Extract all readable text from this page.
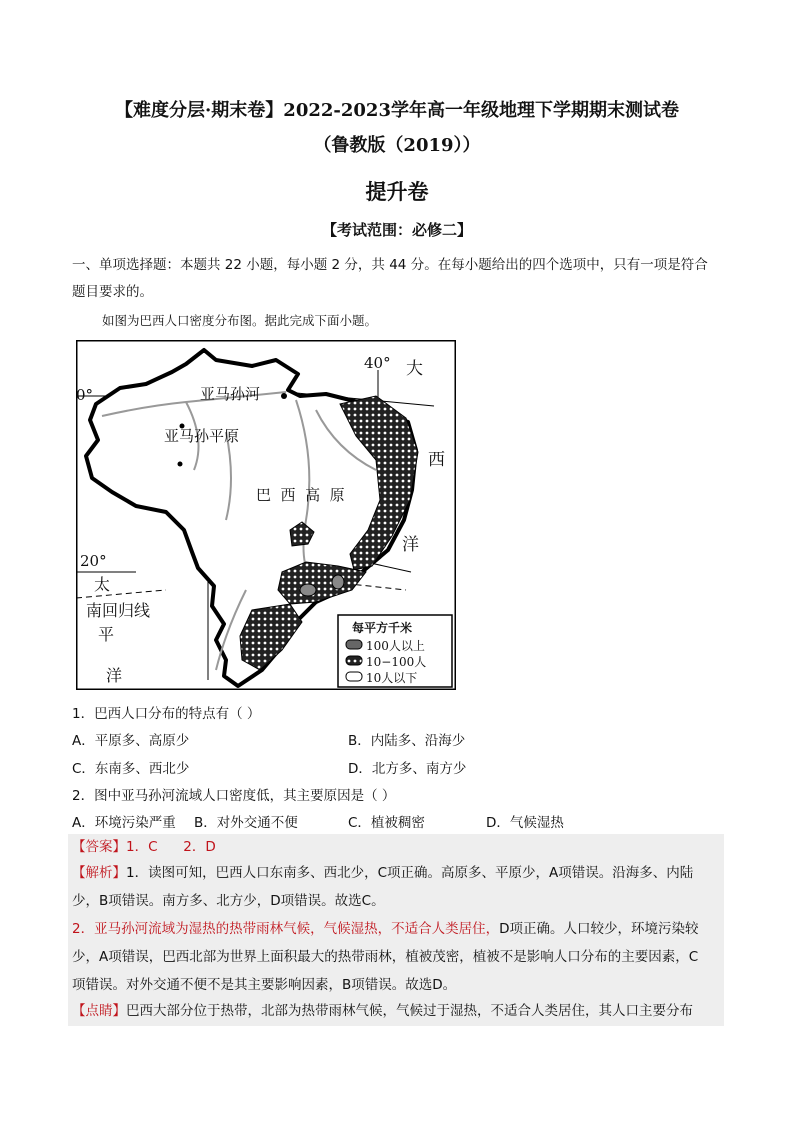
【难度分层·期末卷】2022-2023学年高一年级地理下学期期末测试卷
（鲁教版（2019））
提升卷
【考试范围：必修二】
一、单项选择题：本题共 22 小题，每小题 2 分，共 44 分。在每小题给出的四个选项中，只有一项是符合
题目要求的。
如图为巴西人口密度分布图。据此完成下面小题。
40° 大
0°	亚马孙河
亚马孙平原
西
巴  西  高  原
洋
20°
太
南回归线
平
洋
每平方千米
100人以上
10−100人
10人以下
1．巴西人口分布的特点有（ ）
A．平原多、高原少	B．内陆多、沿海少
C．东南多、西北少	D．北方多、南方少
2．图中亚马孙河流域人口密度低，其主要原因是（ ）
A．环境污染严重 B．对外交通不便	C．植被稠密	D．气候湿热
【答案】1．C      2．D
【解析】1．读图可知，巴西人口东南多、西北少，C项正确。高原多、平原少，A项错误。沿海多、内陆
少，B项错误。南方多、北方少，D项错误。故选C。
2．亚马孙河流域为湿热的热带雨林气候，气候湿热，不适合人类居住，D项正确。人口较少，环境污染较
少，A项错误，巴西北部为世界上面积最大的热带雨林，植被茂密，植被不是影响人口分布的主要因素，C
项错误。对外交通不便不是其主要影响因素，B项错误。故选D。
【点睛】巴西大部分位于热带，北部为热带雨林气候，气候过于湿热，不适合人类居住，其人口主要分布
